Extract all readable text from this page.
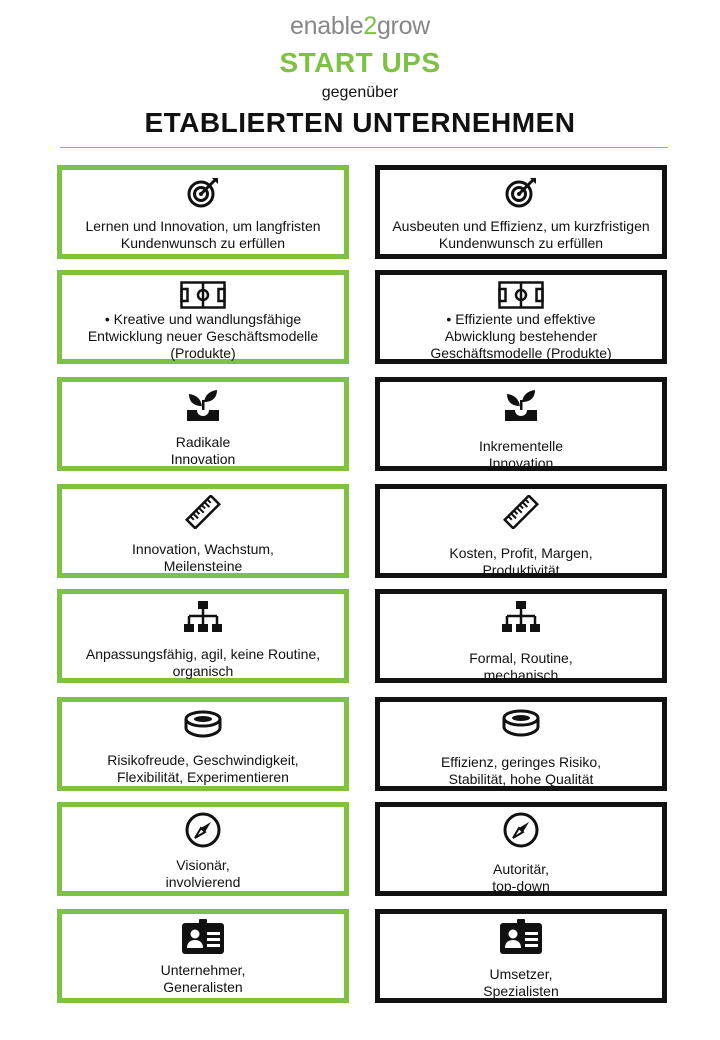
enable2grow
START UPS
gegenüber
ETABLIERTEN UNTERNEHMEN
Lernen und Innovation, um langfristen
Kundenwunsch zu erfüllen
Ausbeuten und Effizienz, um kurzfristigen
Kundenwunsch zu erfüllen
• Kreative und wandlungsfähige
Entwicklung neuer Geschäftsmodelle
(Produkte)
• Effiziente und effektive
Abwicklung bestehender
Geschäftsmodelle (Produkte)
Radikale
Innovation
Inkrementelle
Innovation
Innovation, Wachstum,
Meilensteine
Kosten, Profit, Margen,
Produktivität
Anpassungsfähig, agil, keine Routine,
organisch
Formal, Routine,
mechanisch
Risikofreude, Geschwindigkeit,
Flexibilität, Experimentieren
Effizienz, geringes Risiko,
Stabilität, hohe Qualität
Visionär,
involvierend
Autoritär,
top-down
Unternehmer,
Generalisten
Umsetzer,
Spezialisten
